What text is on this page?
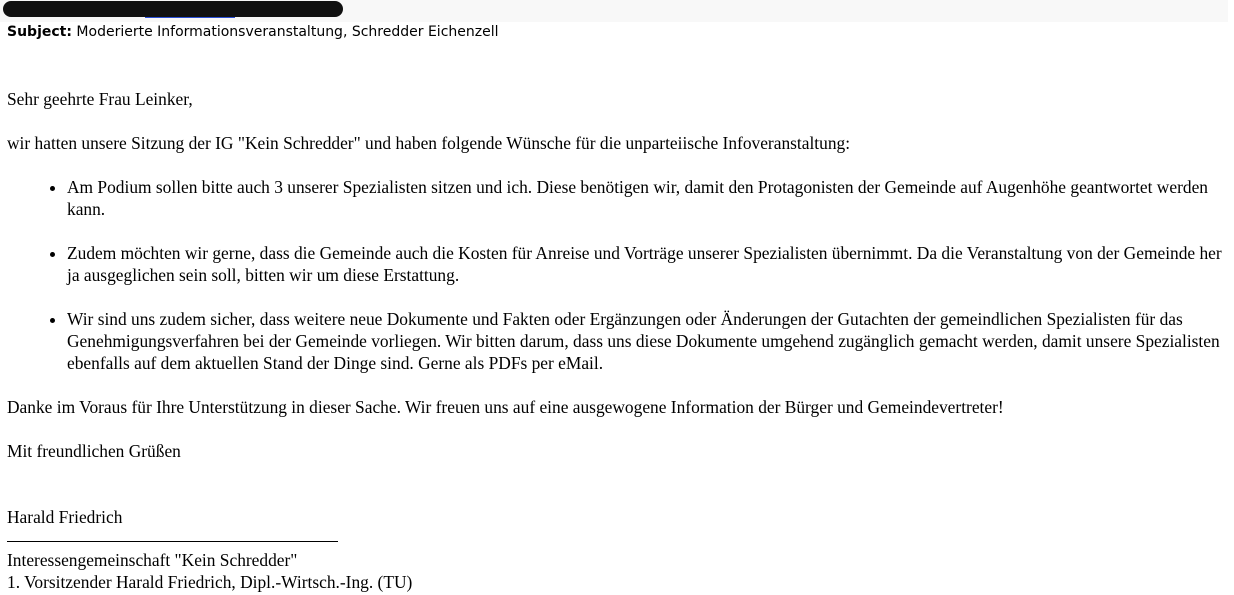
Subject: Moderierte Informationsveranstaltung, Schredder Eichenzell

Sehr geehrte Frau Leinker,

wir hatten unsere Sitzung der IG "Kein Schredder" und haben folgende Wünsche für die unparteiische Infoveranstaltung:

• Am Podium sollen bitte auch 3 unserer Spezialisten sitzen und ich. Diese benötigen wir, damit den Protagonisten der Gemeinde auf Augenhöhe geantwortet werden kann.
• Zudem möchten wir gerne, dass die Gemeinde auch die Kosten für Anreise und Vorträge unserer Spezialisten übernimmt. Da die Veranstaltung von der Gemeinde her ja ausgeglichen sein soll, bitten wir um diese Erstattung.
• Wir sind uns zudem sicher, dass weitere neue Dokumente und Fakten oder Ergänzungen oder Änderungen der Gutachten der gemeindlichen Spezialisten für das Genehmigungsverfahren bei der Gemeinde vorliegen. Wir bitten darum, dass uns diese Dokumente umgehend zugänglich gemacht werden, damit unsere Spezialisten ebenfalls auf dem aktuellen Stand der Dinge sind. Gerne als PDFs per eMail.

Danke im Voraus für Ihre Unterstützung in dieser Sache. Wir freuen uns auf eine ausgewogene Information der Bürger und Gemeindevertreter!

Mit freundlichen Grüßen

Harald Friedrich

Interessengemeinschaft "Kein Schredder"

1. Vorsitzender Harald Friedrich, Dipl.-Wirtsch.-Ing. (TU)
